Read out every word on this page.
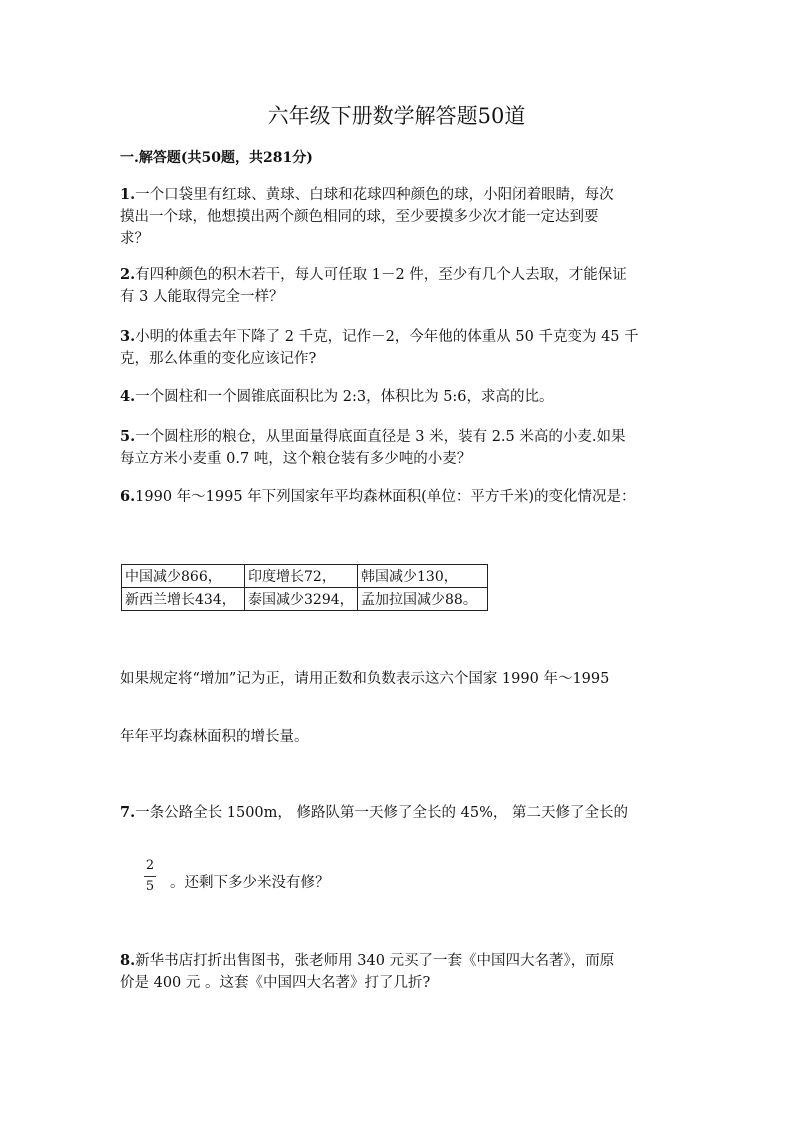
六年级下册数学解答题50道
一.解答题(共50题，共281分)
1.一个口袋里有红球、黄球、白球和花球四种颜色的球，小阳闭着眼睛，每次
摸出一个球，他想摸出两个颜色相同的球，至少要摸多少次才能一定达到要
求？
2.有四种颜色的积木若干，每人可任取 1－2 件，至少有几个人去取，才能保证
有 3 人能取得完全一样？
3.小明的体重去年下降了 2 千克，记作－2，今年他的体重从 50 千克变为 45 千
克，那么体重的变化应该记作?
4.一个圆柱和一个圆锥底面积比为 2:3，体积比为 5:6，求高的比。
5.一个圆柱形的粮仓，从里面量得底面直径是 3 米，装有 2.5 米高的小麦.如果
每立方米小麦重 0.7 吨，这个粮仓装有多少吨的小麦？
6.1990 年～1995 年下列国家年平均森林面积(单位：平方千米)的变化情况是：
中国减少866，	印度增长72，	韩国减少130，
新西兰增长434，	泰国减少3294，	孟加拉国减少88。
如果规定将“增加”记为正，请用正数和负数表示这六个国家 1990 年～1995
年年平均森林面积的增长量。
7.一条公路全长 1500m， 修路队第一天修了全长的 45%， 第二天修了全长的
2
5 。还剩下多少米没有修？
8.新华书店打折出售图书，张老师用 340 元买了一套《中国四大名著》，而原
价是 400 元 。这套《中国四大名著》打了几折?
